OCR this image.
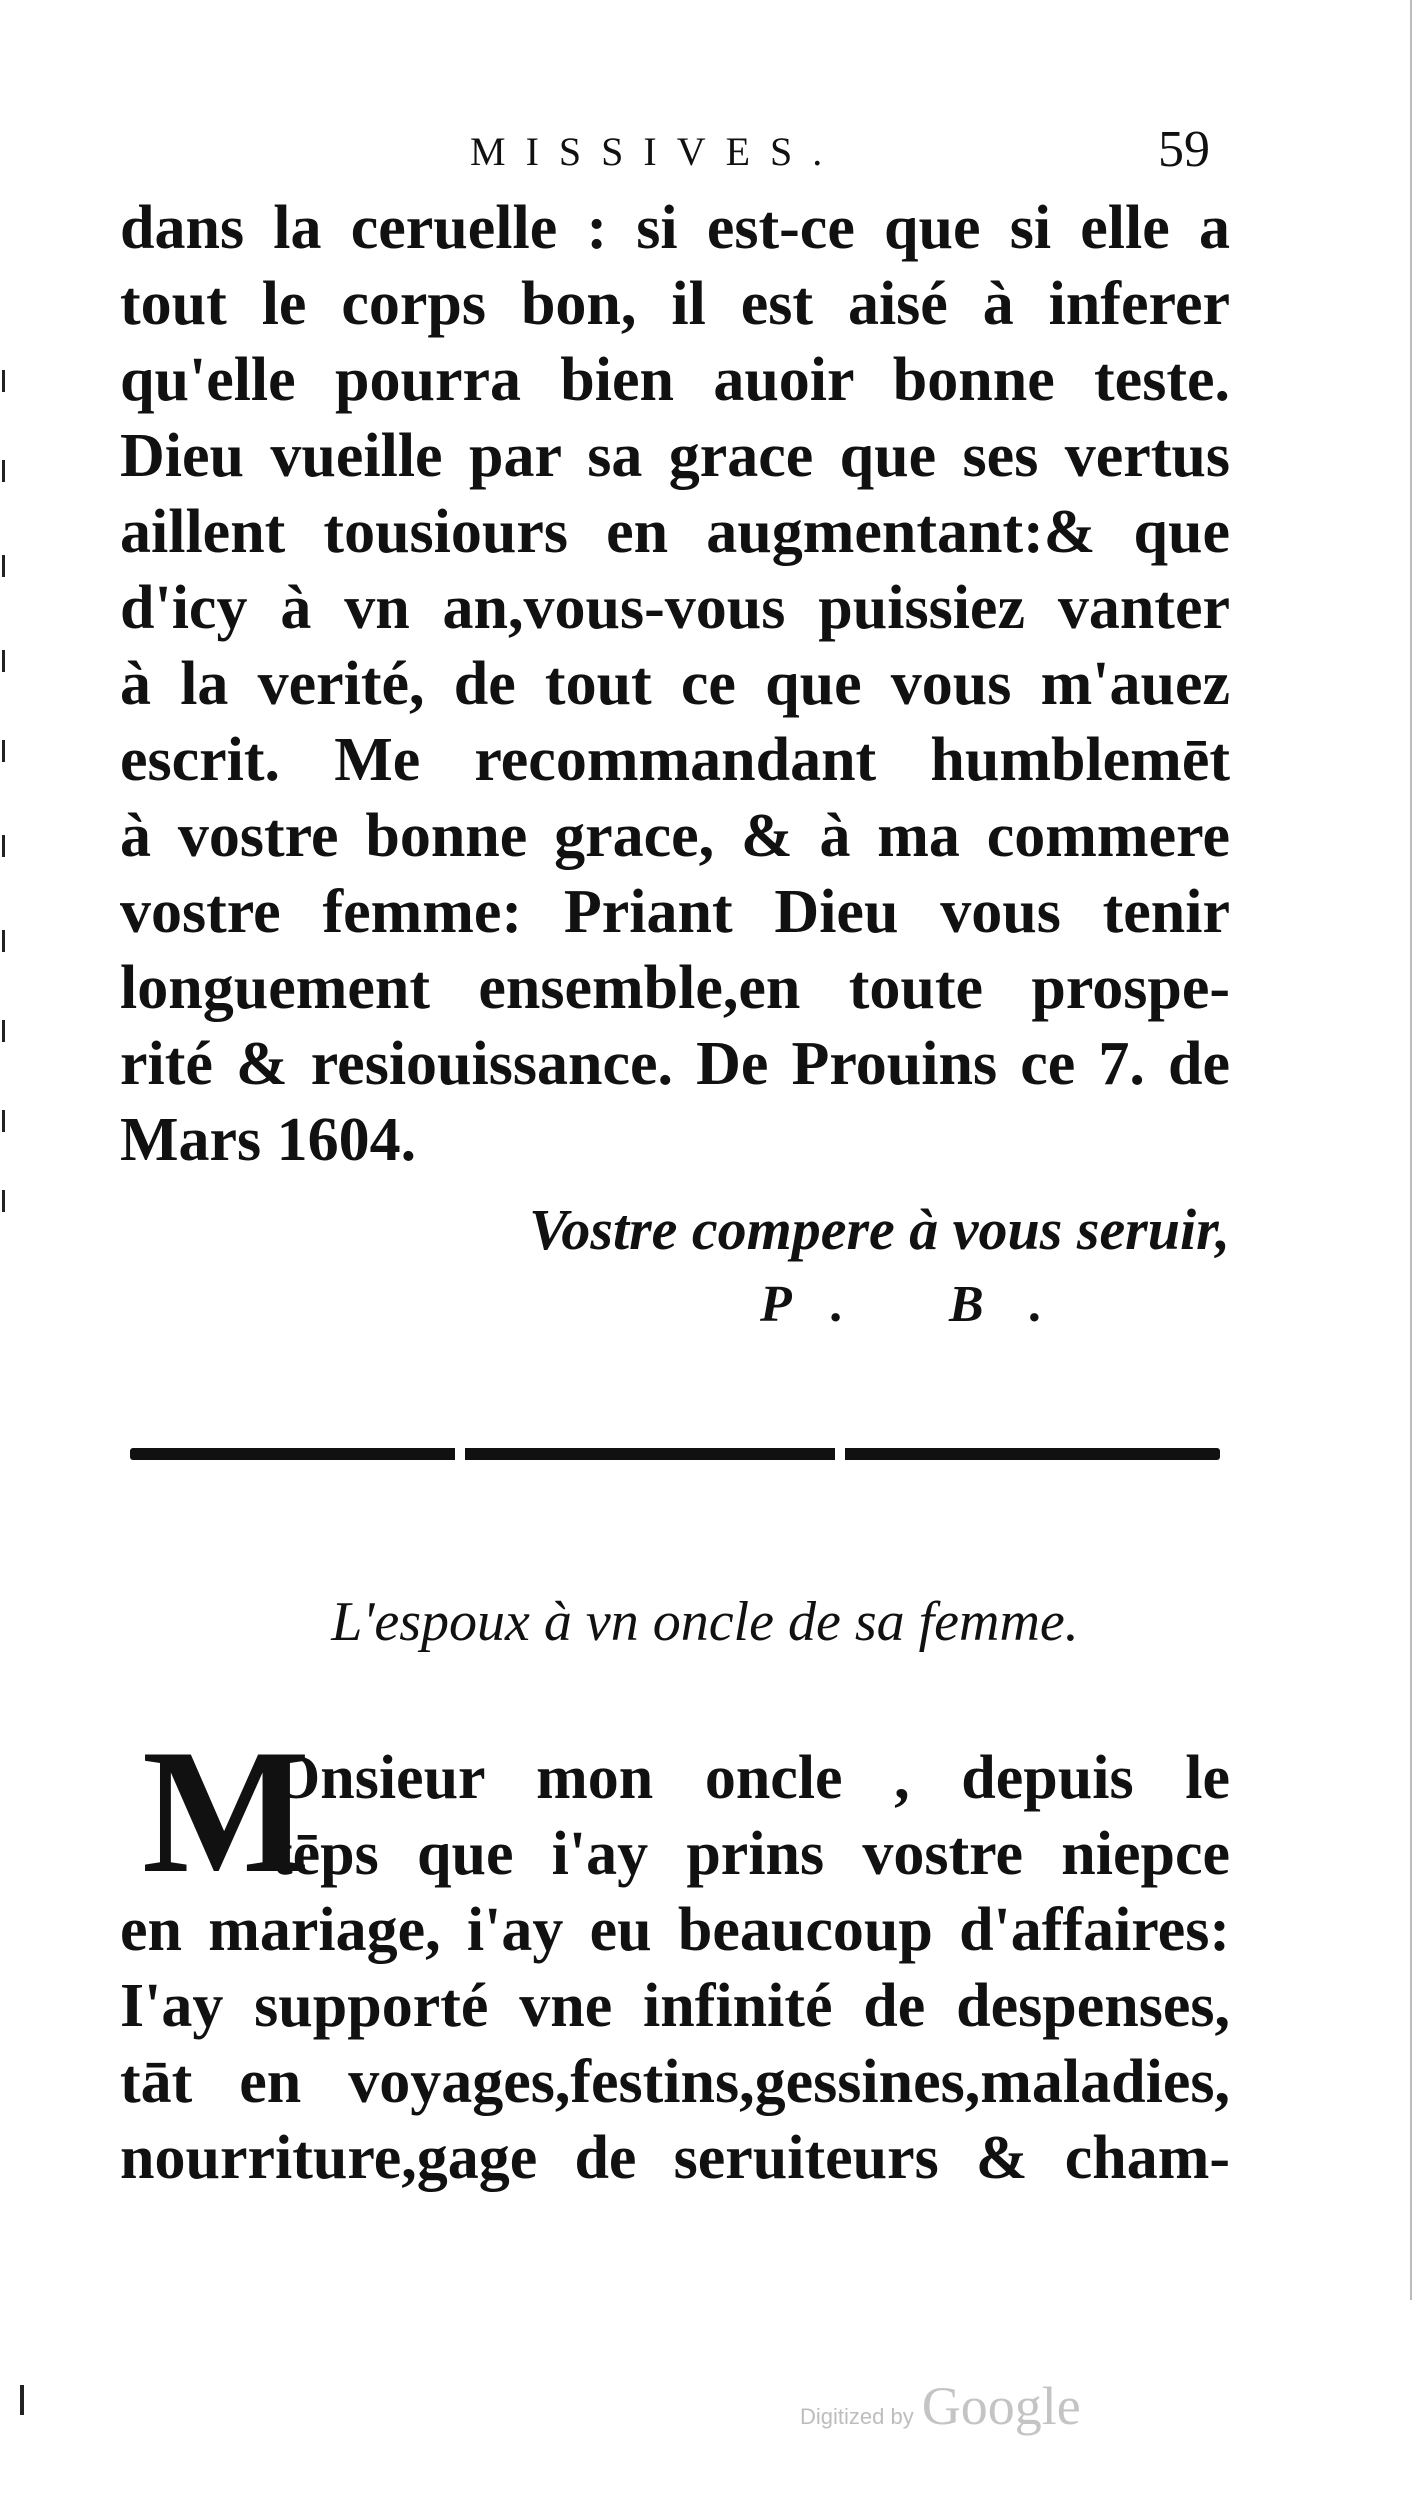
MISSIVES.	59
dans la ceruelle : si est-ce que si elle a
tout le corps bon, il est aisé à inferer
qu'elle pourra bien auoir bonne teste.
Dieu vueille par sa grace que ses vertus
aillent tousiours en augmentant:& que
d'icy à vn an,vous-vous puissiez vanter
à la verité, de tout ce que vous m'auez
escrit. Me recommandant humblemēt
à vostre bonne grace, & à ma commere
vostre femme: Priant Dieu vous tenir
longuement ensemble,en toute prospe-
rité & resiouissance. De Prouins ce 7. de
Mars 1604.
Vostre compere à vous seruir,
P. B.
L'espoux à vn oncle de sa femme.
M
Onsieur mon oncle , depuis le
tēps que i'ay prins vostre niepce
en mariage, i'ay eu beaucoup d'affaires:
I'ay supporté vne infinité de despenses,
tāt en voyages,festins,gessines,maladies,
nourriture,gage de seruiteurs & cham-
Digitized by Google
